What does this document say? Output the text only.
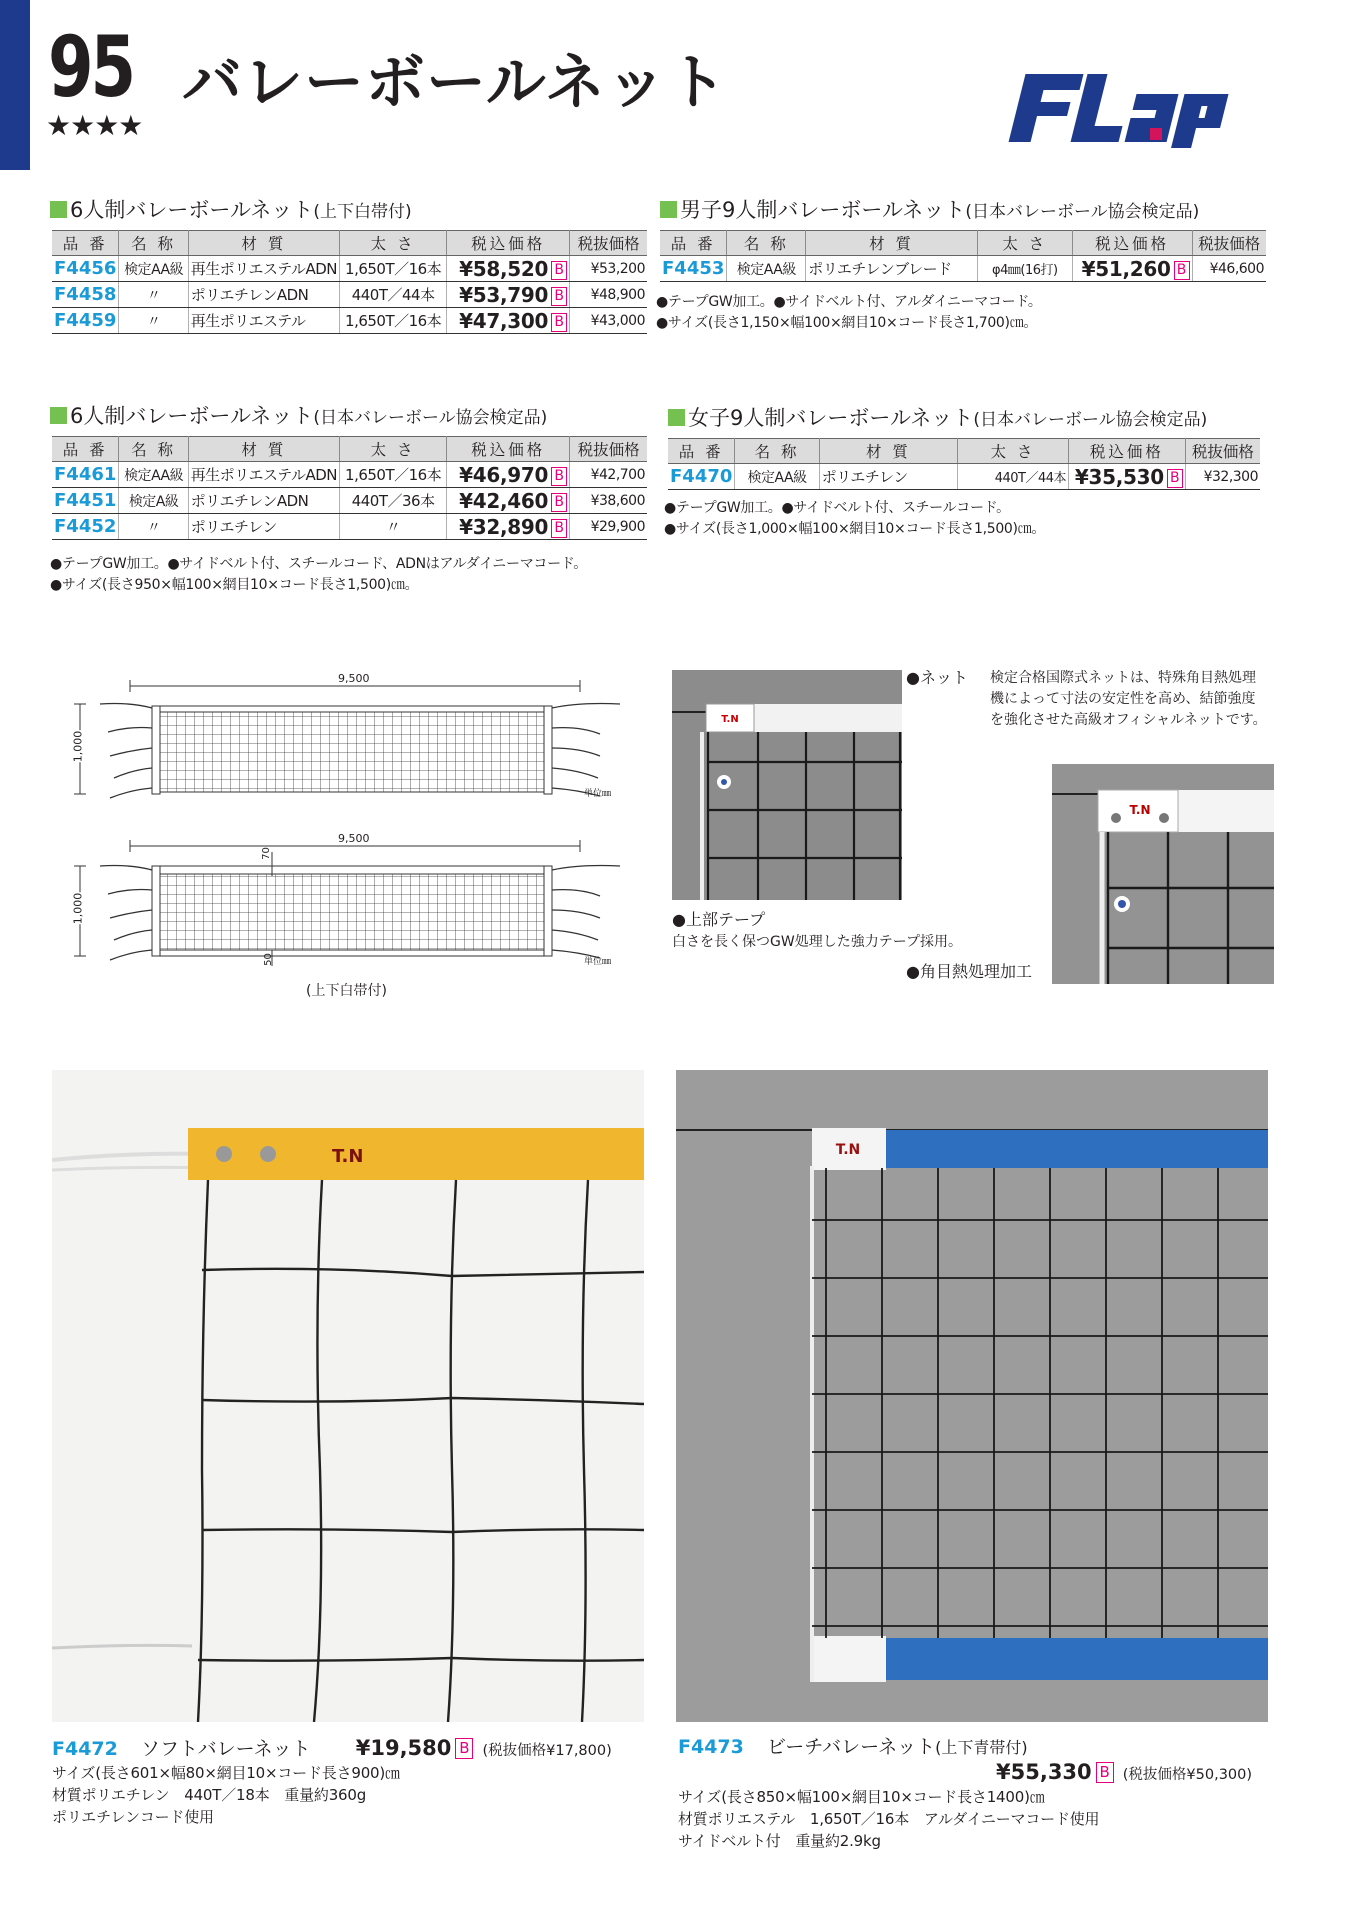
95
★★★★
バレーボールネット
6人制バレーボールネット(上下白帯付)
品 番	名 称	材 質	太 さ	税込価格	税抜価格
F4456	検定AA級	再生ポリエステルADN	1,650T／16本	¥58,520 B	¥53,200
F4458	〃	ポリエチレンADN	440T／44本	¥53,790 B	¥48,900
F4459	〃	再生ポリエステル	1,650T／16本	¥47,300 B	¥43,000
男子9人制バレーボールネット(日本バレーボール協会検定品)
品 番	名 称	材 質	太 さ	税込価格	税抜価格
F4453	検定AA級	ポリエチレンブレード	φ4㎜(16打)	¥51,260 B	¥46,600
●テープGW加工。●サイドベルト付、アルダイニーマコード。
●サイズ(長さ1,150×幅100×網目10×コード長さ1,700)㎝。
6人制バレーボールネット(日本バレーボール協会検定品)
品 番	名 称	材 質	太 さ	税込価格	税抜価格
F4461	検定AA級	再生ポリエステルADN	1,650T／16本	¥46,970 B	¥42,700
F4451	検定A級	ポリエチレンADN	440T／36本	¥42,460 B	¥38,600
F4452	〃	ポリエチレン	〃	¥32,890 B	¥29,900
●テープGW加工。●サイドベルト付、スチールコード、ADNはアルダイニーマコード。
●サイズ(長さ950×幅100×網目10×コード長さ1,500)㎝。
女子9人制バレーボールネット(日本バレーボール協会検定品)
品 番	名 称	材 質	太 さ	税込価格	税抜価格
F4470	検定AA級	ポリエチレン	440T／44本	¥35,530 B	¥32,300
●テープGW加工。●サイドベルト付、スチールコード。
●サイズ(長さ1,000×幅100×網目10×コード長さ1,500)㎝。
9,500
1,000
単位㎜
9,500
1,000
70
50	単位㎜
(上下白帯付)
T.N
T.N
●ネット 検定合格国際式ネットは、特殊角目熱処理
機によって寸法の安定性を高め、結節強度
を強化させた高級オフィシャルネットです。
●上部テープ
白さを長く保つGW処理した強力テープ採用。
●角目熱処理加工
T.N	T.N
F4472 ソフトバレーネット ¥19,580 B (税抜価格¥17,800)
サイズ(長さ601×幅80×網目10×コード長さ900)㎝
材質ポリエチレン　440T／18本　重量約360g
ポリエチレンコード使用
F4473 ビーチバレーネット(上下青帯付)
¥55,330 B (税抜価格¥50,300)
サイズ(長さ850×幅100×網目10×コード長さ1400)㎝
材質ポリエステル　1,650T／16本　アルダイニーマコード使用
サイドベルト付　重量約2.9kg
